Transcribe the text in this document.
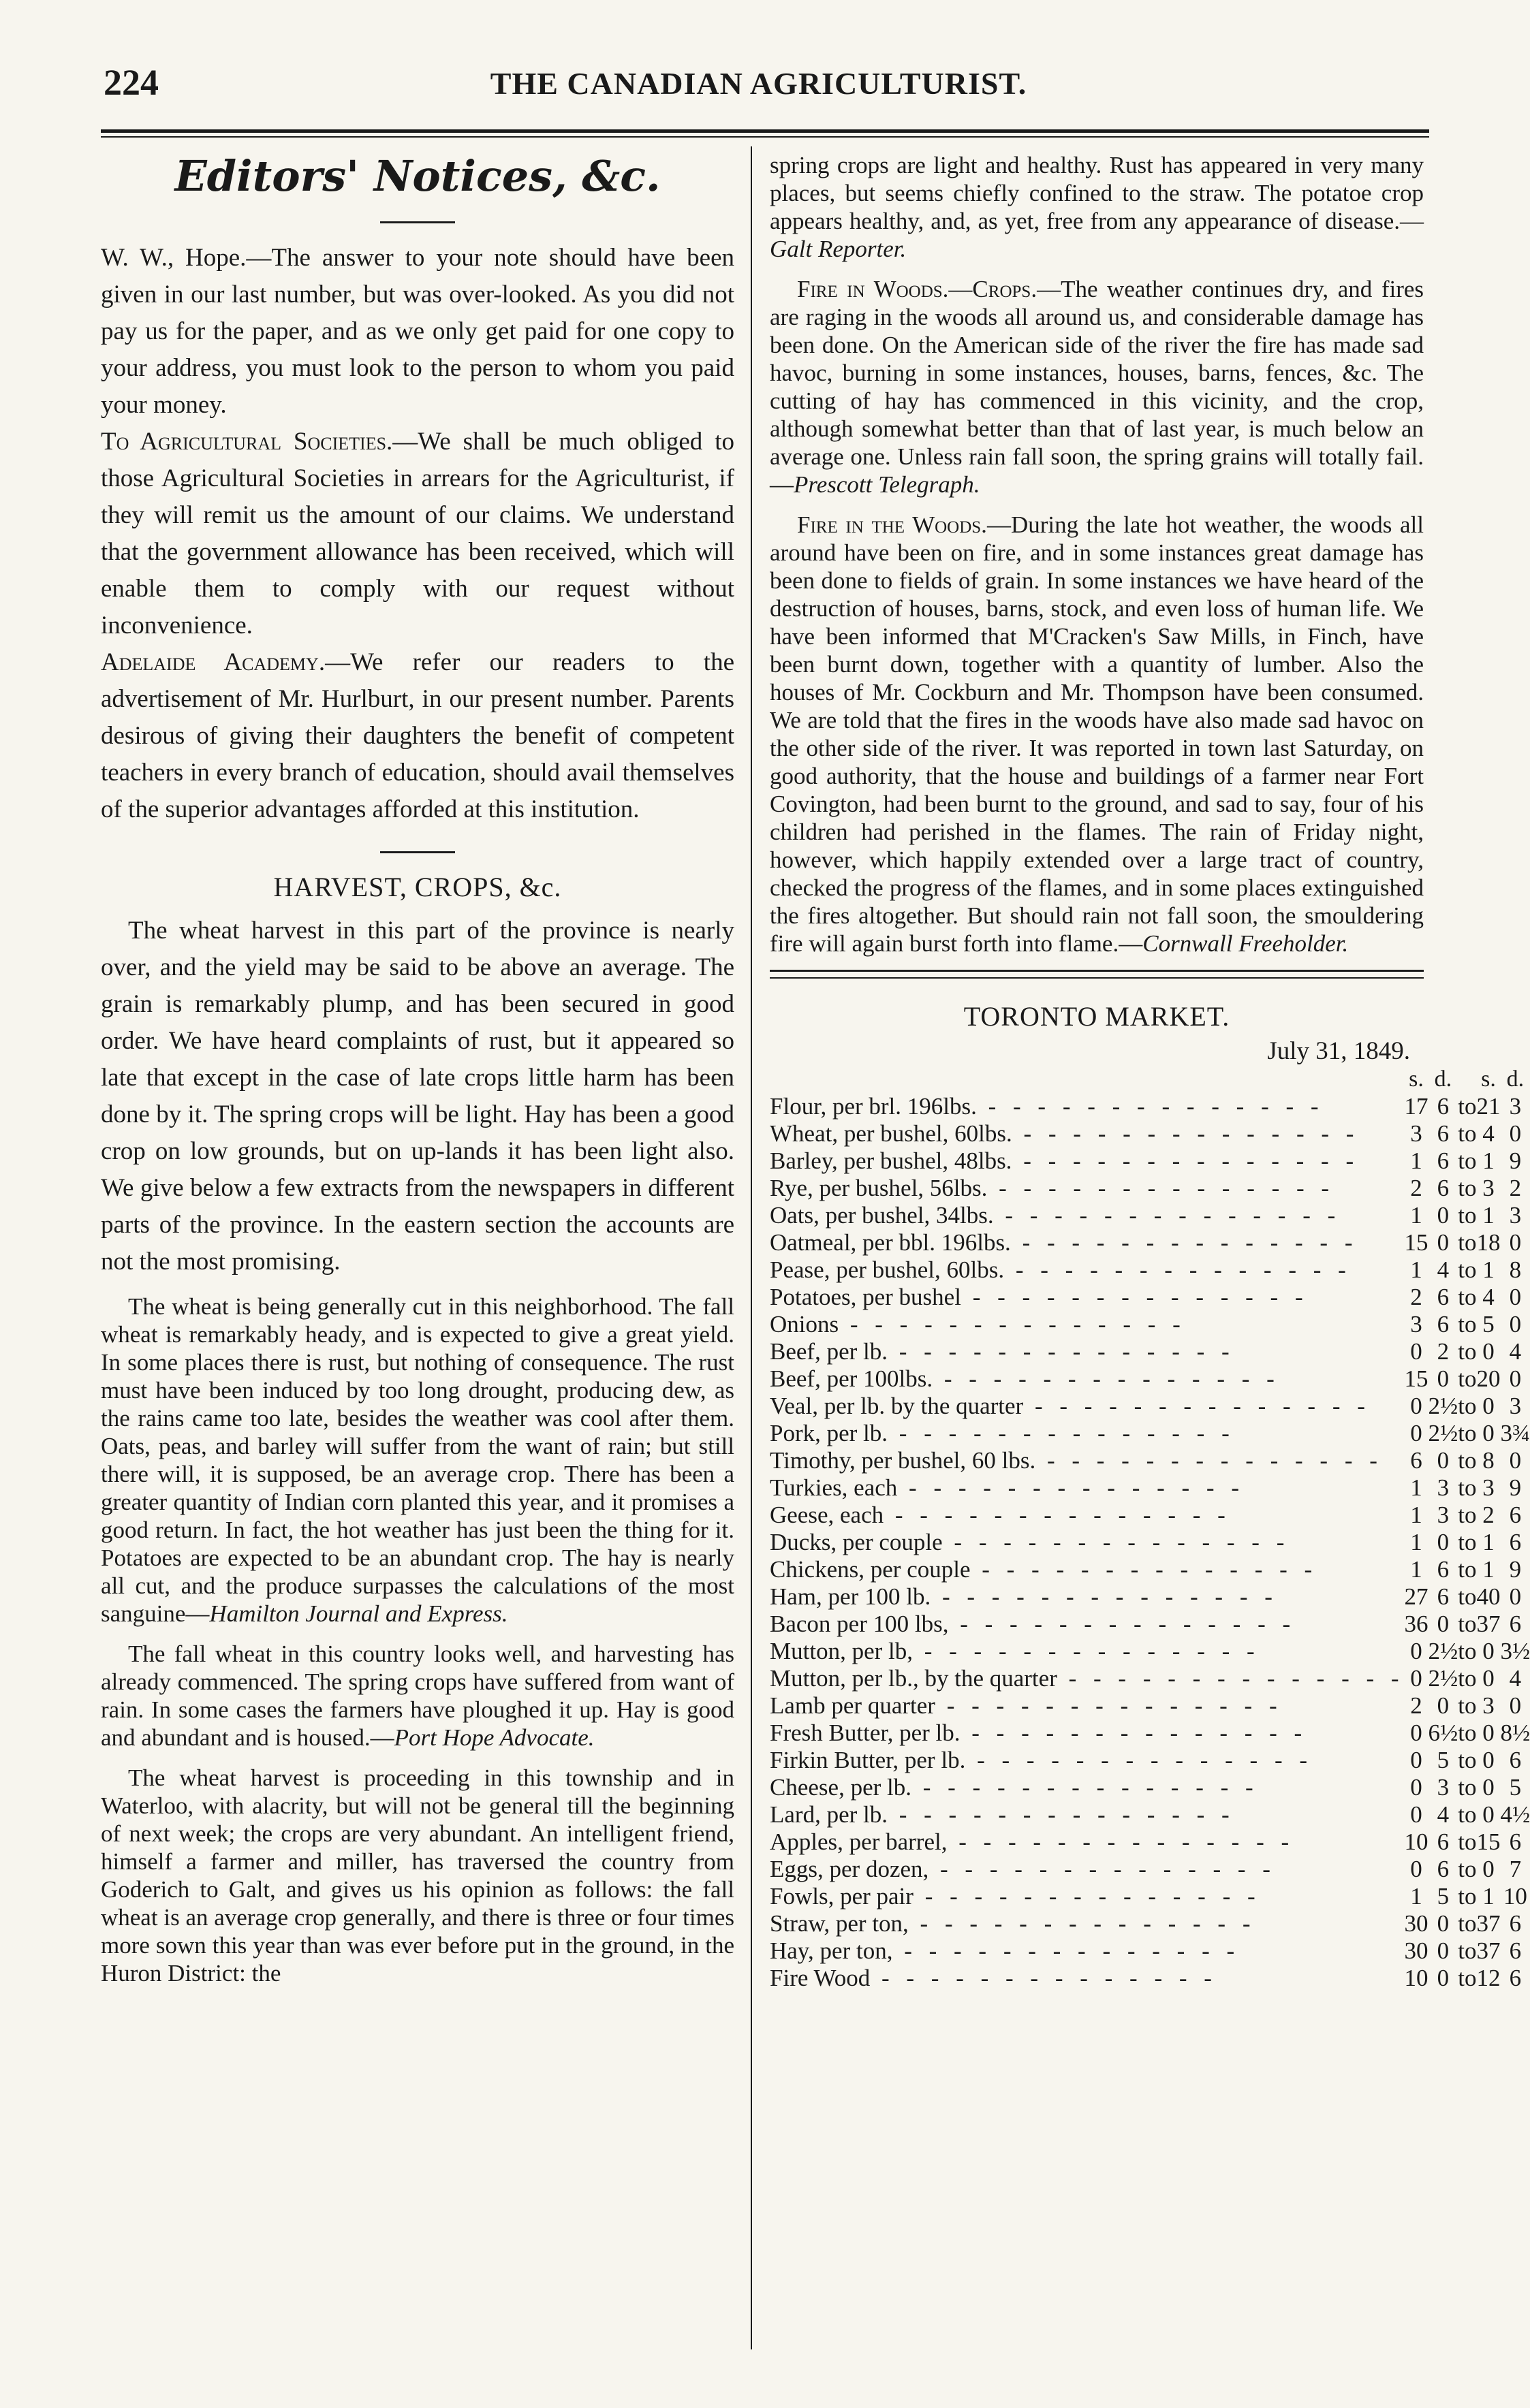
224	THE CANADIAN AGRICULTURIST.
Editors' Notices, &c.

W. W., Hope.—The answer to your note should have been given in our last number, but was over-looked. As you did not pay us for the paper, and as we only get paid for one copy to your address, you must look to the person to whom you paid your money.

To Agricultural Societies.—We shall be much obliged to those Agricultural Societies in arrears for the Agriculturist, if they will remit us the amount of our claims. We understand that the government allowance has been received, which will enable them to comply with our request without inconvenience.

Adelaide Academy.—We refer our readers to the advertisement of Mr. Hurlburt, in our present number. Parents desirous of giving their daughters the benefit of competent teachers in every branch of education, should avail themselves of the superior advantages afforded at this institution.

HARVEST, CROPS, &c.

The wheat harvest in this part of the province is nearly over, and the yield may be said to be above an average. The grain is remarkably plump, and has been secured in good order. We have heard complaints of rust, but it appeared so late that except in the case of late crops little harm has been done by it. The spring crops will be light. Hay has been a good crop on low grounds, but on up-lands it has been light also. We give below a few extracts from the newspapers in different parts of the province. In the eastern section the accounts are not the most promising.

The wheat is being generally cut in this neighborhood. The fall wheat is remarkably heady, and is expected to give a great yield. In some places there is rust, but nothing of consequence. The rust must have been induced by too long drought, producing dew, as the rains came too late, besides the weather was cool after them. Oats, peas, and barley will suffer from the want of rain; but still there will, it is supposed, be an average crop. There has been a greater quantity of Indian corn planted this year, and it promises a good return. In fact, the hot weather has just been the thing for it. Potatoes are expected to be an abundant crop. The hay is nearly all cut, and the produce surpasses the calculations of the most sanguine—Hamilton Journal and Express.

The fall wheat in this country looks well, and harvesting has already commenced. The spring crops have suffered from want of rain. In some cases the farmers have ploughed it up. Hay is good and abundant and is housed.—Port Hope Advocate.

The wheat harvest is proceeding in this township and in Waterloo, with alacrity, but will not be general till the beginning of next week; the crops are very abundant. An intelligent friend, himself a farmer and miller, has traversed the country from Goderich to Galt, and gives us his opinion as follows: the fall wheat is an average crop generally, and there is three or four times more sown this year than was ever before put in the ground, in the Huron District: the

spring crops are light and healthy. Rust has appeared in very many places, but seems chiefly confined to the straw. The potatoe crop appears healthy, and, as yet, free from any appearance of disease.—Galt Reporter.

Fire in Woods.—Crops.—The weather continues dry, and fires are raging in the woods all around us, and considerable damage has been done. On the American side of the river the fire has made sad havoc, burning in some instances, houses, barns, fences, &c. The cutting of hay has commenced in this vicinity, and the crop, although somewhat better than that of last year, is much below an average one. Unless rain fall soon, the spring grains will totally fail.—Prescott Telegraph.

Fire in the Woods.—During the late hot weather, the woods all around have been on fire, and in some instances great damage has been done to fields of grain. In some instances we have heard of the destruction of houses, barns, stock, and even loss of human life. We have been informed that M'Cracken's Saw Mills, in Finch, have been burnt down, together with a quantity of lumber. Also the houses of Mr. Cockburn and Mr. Thompson have been consumed. We are told that the fires in the woods have also made sad havoc on the other side of the river. It was reported in town last Saturday, on good authority, that the house and buildings of a farmer near Fort Covington, had been burnt to the ground, and sad to say, four of his children had perished in the flames. The rain of Friday night, however, which happily extended over a large tract of country, checked the progress of the flames, and in some places extinguished the fires altogether. But should rain not fall soon, the smouldering fire will again burst forth into flame.—Cornwall Freeholder.

TORONTO MARKET.
July 31, 1849.
	s.	d.		s.	d.
Flour, per brl. 196lbs. - - - - - - - - - - - - - -	17	6	to	21	3
Wheat, per bushel, 60lbs. - - - - - - - - - - - - - -	3	6	to	4	0
Barley, per bushel, 48lbs. - - - - - - - - - - - - - -	1	6	to	1	9
Rye, per bushel, 56lbs. - - - - - - - - - - - - - -	2	6	to	3	2
Oats, per bushel, 34lbs. - - - - - - - - - - - - - -	1	0	to	1	3
Oatmeal, per bbl. 196lbs. - - - - - - - - - - - - - -	15	0	to	18	0
Pease, per bushel, 60lbs. - - - - - - - - - - - - - -	1	4	to	1	8
Potatoes, per bushel - - - - - - - - - - - - - -	2	6	to	4	0
Onions - - - - - - - - - - - - - -	3	6	to	5	0
Beef, per lb. - - - - - - - - - - - - - -	0	2	to	0	4
Beef, per 100lbs. - - - - - - - - - - - - - -	15	0	to	20	0
Veal, per lb. by the quarter - - - - - - - - - - - - - -	0	2½	to	0	3
Pork, per lb. - - - - - - - - - - - - - -	0	2½	to	0	3¾
Timothy, per bushel, 60 lbs. - - - - - - - - - - - - - -	6	0	to	8	0
Turkies, each - - - - - - - - - - - - - -	1	3	to	3	9
Geese, each - - - - - - - - - - - - - -	1	3	to	2	6
Ducks, per couple - - - - - - - - - - - - - -	1	0	to	1	6
Chickens, per couple - - - - - - - - - - - - - -	1	6	to	1	9
Ham, per 100 lb. - - - - - - - - - - - - - -	27	6	to	40	0
Bacon per 100 lbs, - - - - - - - - - - - - - -	36	0	to	37	6
Mutton, per lb, - - - - - - - - - - - - - -	0	2½	to	0	3½
Mutton, per lb., by the quarter - - - - - - - - - - - - - -	0	2½	to	0	4
Lamb per quarter - - - - - - - - - - - - - -	2	0	to	3	0
Fresh Butter, per lb. - - - - - - - - - - - - - -	0	6½	to	0	8½
Firkin Butter, per lb. - - - - - - - - - - - - - -	0	5	to	0	6
Cheese, per lb. - - - - - - - - - - - - - -	0	3	to	0	5
Lard, per lb. - - - - - - - - - - - - - -	0	4	to	0	4½
Apples, per barrel, - - - - - - - - - - - - - -	10	6	to	15	6
Eggs, per dozen, - - - - - - - - - - - - - -	0	6	to	0	7
Fowls, per pair - - - - - - - - - - - - - -	1	5	to	1	10
Straw, per ton, - - - - - - - - - - - - - -	30	0	to	37	6
Hay, per ton, - - - - - - - - - - - - - -	30	0	to	37	6
Fire Wood - - - - - - - - - - - - - -	10	0	to	12	6
